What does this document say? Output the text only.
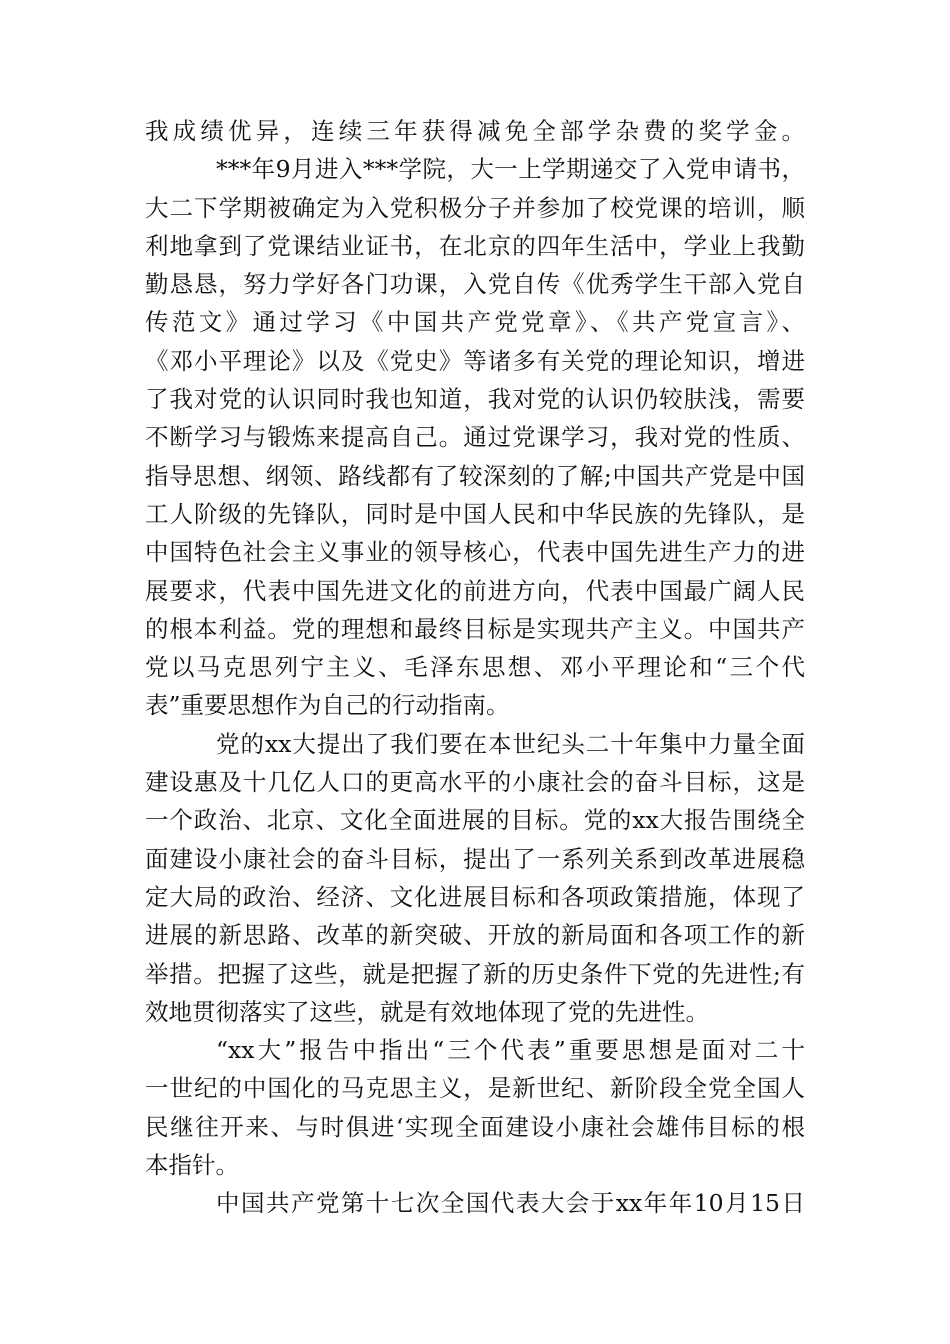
我成绩优异，连续三年获得减免全部学杂费的奖学金。
***年9月进入***学院，大一上学期递交了入党申请书，
大二下学期被确定为入党积极分子并参加了校党课的培训，顺
利地拿到了党课结业证书，在北京的四年生活中，学业上我勤
勤恳恳，努力学好各门功课，入党自传《优秀学生干部入党自
传范文》通过学习《中国共产党党章》、《共产党宣言》、
《邓小平理论》以及《党史》等诸多有关党的理论知识，增进
了我对党的认识同时我也知道，我对党的认识仍较肤浅，需要
不断学习与锻炼来提高自己。通过党课学习，我对党的性质、
指导思想、纲领、路线都有了较深刻的了解;中国共产党是中国
工人阶级的先锋队，同时是中国人民和中华民族的先锋队，是
中国特色社会主义事业的领导核心，代表中国先进生产力的进
展要求，代表中国先进文化的前进方向，代表中国最广阔人民
的根本利益。党的理想和最终目标是实现共产主义。中国共产
党以马克思列宁主义、毛泽东思想、邓小平理论和“三个代
表”重要思想作为自己的行动指南。
党的xx大提出了我们要在本世纪头二十年集中力量全面
建设惠及十几亿人口的更高水平的小康社会的奋斗目标，这是
一个政治、北京、文化全面进展的目标。党的xx大报告围绕全
面建设小康社会的奋斗目标，提出了一系列关系到改革进展稳
定大局的政治、经济、文化进展目标和各项政策措施，体现了
进展的新思路、改革的新突破、开放的新局面和各项工作的新
举措。把握了这些，就是把握了新的历史条件下党的先进性;有
效地贯彻落实了这些，就是有效地体现了党的先进性。
“xx大”报告中指出“三个代表”重要思想是面对二十
一世纪的中国化的马克思主义，是新世纪、新阶段全党全国人
民继往开来、与时俱进‘实现全面建设小康社会雄伟目标的根
本指针。
中国共产党第十七次全国代表大会于xx年年10月15日
